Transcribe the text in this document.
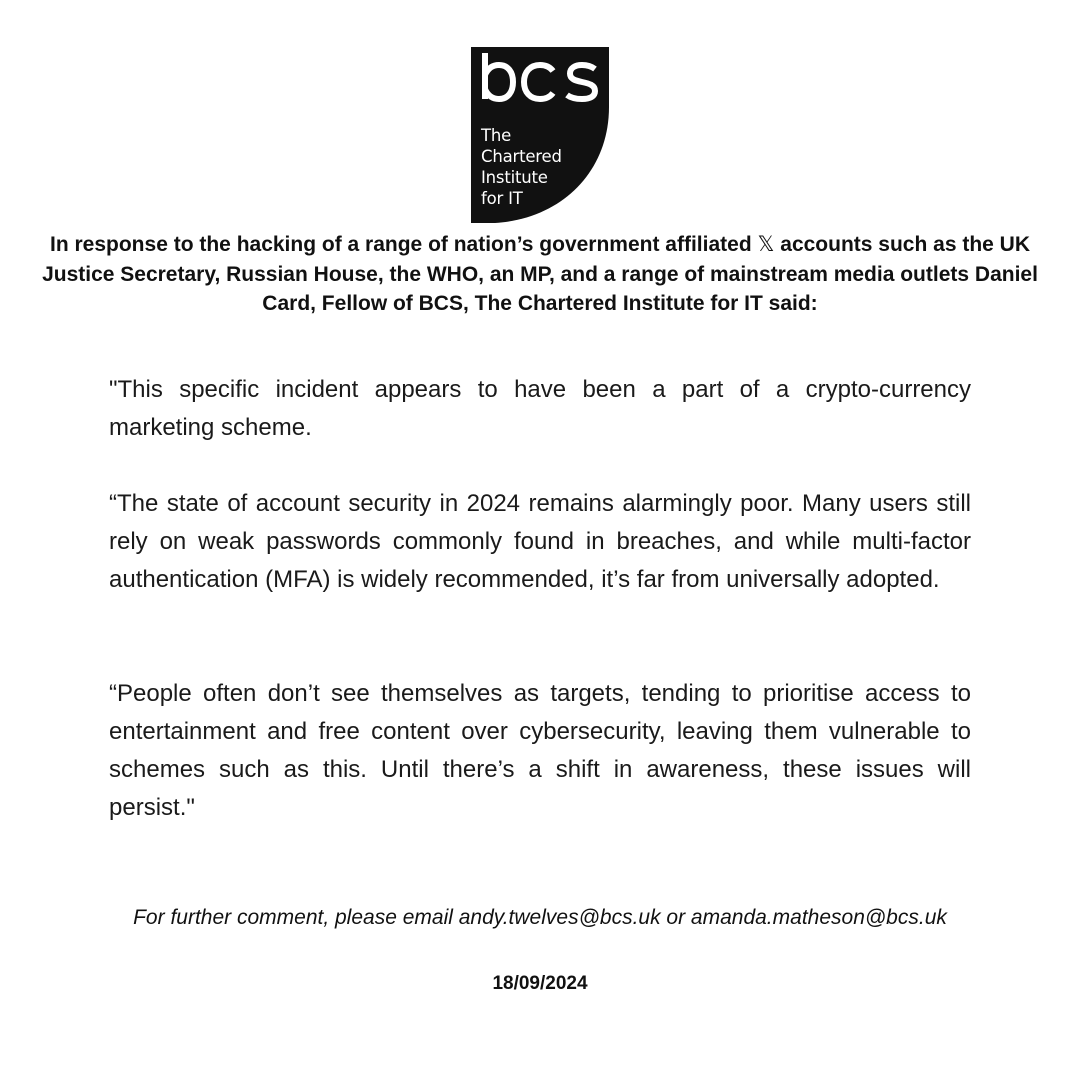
The
Chartered
Institute
for IT

In response to the hacking of a range of nation’s government affiliated 𝕏 accounts such as the UK Justice Secretary, Russian House, the WHO, an MP, and a range of mainstream media outlets Daniel Card, Fellow of BCS, The Chartered Institute for IT said:

"This specific incident appears to have been a part of a crypto-currency marketing scheme.

“The state of account security in 2024 remains alarmingly poor. Many users still rely on weak passwords commonly found in breaches, and while multi-factor authentication (MFA) is widely recommended, it’s far from universally adopted.

“People often don’t see themselves as targets, tending to prioritise access to entertainment and free content over cybersecurity, leaving them vulnerable to schemes such as this. Until there’s a shift in awareness, these issues will persist."

For further comment, please email andy.twelves@bcs.uk or amanda.matheson@bcs.uk

18/09/2024
